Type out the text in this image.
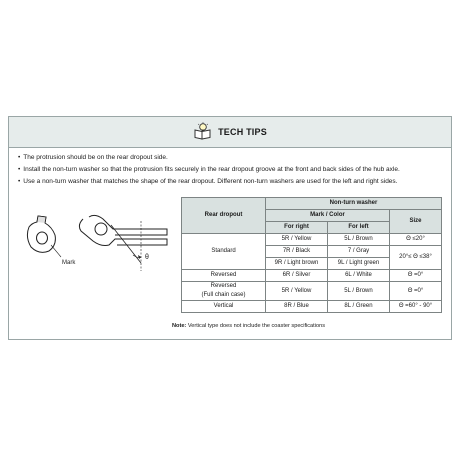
TECH TIPS
• The protrusion should be on the rear dropout side.
• Install the non-turn washer so that the protrusion fits securely in the rear dropout groove at the front and back sides of the hub axle.
• Use a non-turn washer that matches the shape of the rear dropout. Different non-turn washers are used for the left and right sides.
Mark
θ
Rear dropout	Non-turn washer		
	Mark / Color		Size
	For right	For left	
Standard	5R / Yellow	5L / Brown	Θ ≤20°
	7R / Black	7 / Gray	20°≤ Θ ≤38°
	9R / Light brown	9L / Light green	
Reversed	6R / Silver	6L / White	Θ =0°

Reversed
(Full chain case)	5R / Yellow	5L / Brown	Θ =0°
Vertical	8R / Blue	8L / Green	Θ =60° - 90°
Note: Vertical type does not include the coaster specifications
